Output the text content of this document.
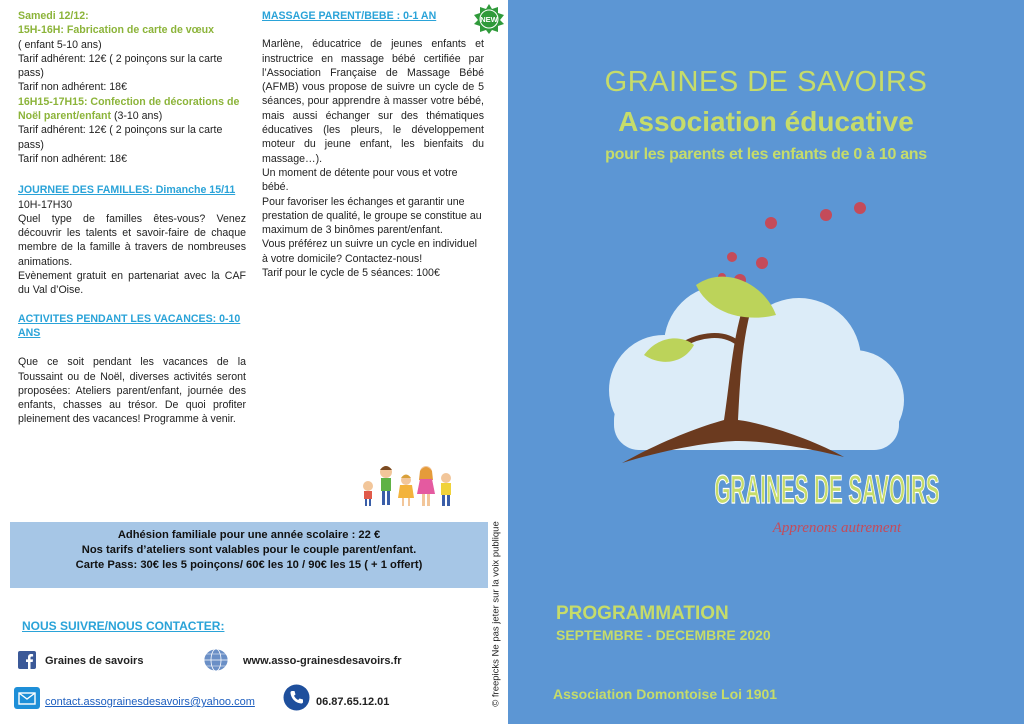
Samedi 12/12:

15H-16H: Fabrication de carte de vœux

( enfant 5-10 ans)

Tarif adhérent: 12€ ( 2 poinçons sur la carte pass)

Tarif non adhérent: 18€

16H15-17H15: Confection de décorations de Noël parent/enfant (3-10 ans)

Tarif adhérent: 12€ ( 2 poinçons sur la carte pass)

Tarif non adhérent: 18€

JOURNEE DES FAMILLES: Dimanche 15/11

10H-17H30

Quel type de familles êtes-vous? Venez découvrir les talents et savoir-faire de chaque membre de la famille à travers de nombreuses animations.

Evènement gratuit en partenariat avec la CAF du Val d’Oise.

ACTIVITES PENDANT LES VACANCES: 0-10 ANS

Que ce soit pendant les vacances de la Toussaint ou de Noël, diverses activités seront proposées: Ateliers parent/enfant, journée des enfants, chasses au trésor. De quoi profiter pleinement des vacances! Programme à venir.

MASSAGE PARENT/BEBE : 0-1 AN

Marlène, éducatrice de jeunes enfants et instructrice en massage bébé certifiée par l’Association Française de Massage Bébé (AFMB) vous propose de suivre un cycle de 5 séances, pour apprendre à masser votre bébé, mais aussi échanger sur des thématiques éducatives (les pleurs, le développement moteur du jeune enfant, les bienfaits du massage…).

Un moment de détente pour vous et votre bébé.

Pour favoriser les échanges et garantir une prestation de qualité, le groupe se constitue au maximum de 3 binômes parent/enfant.

Vous préférez un suivre un cycle en individuel à votre domicile? Contactez-nous!

Tarif pour le cycle de 5 séances: 100€

NEW
Adhésion familiale pour une année scolaire : 22 €
Nos tarifs d’ateliers sont valables pour le couple parent/enfant.
Carte Pass: 30€ les 5 poinçons/ 60€ les 10 / 90€ les 15 ( + 1 offert)	© freepicks Ne pas jeter sur la voix publique
NOUS SUIVRE/NOUS CONTACTER:
Graines de savoirs	www.asso-grainesdesavoirs.fr
contact.assograinesdesavoirs@yahoo.com	06.87.65.12.01
GRAINES DE SAVOIRS
Association éducative
pour les parents et les enfants de 0 à 10 ans
GRAINES DE SAVOIRS
Apprenons autrement
PROGRAMMATION
SEPTEMBRE - DECEMBRE 2020
Association Domontoise Loi 1901
